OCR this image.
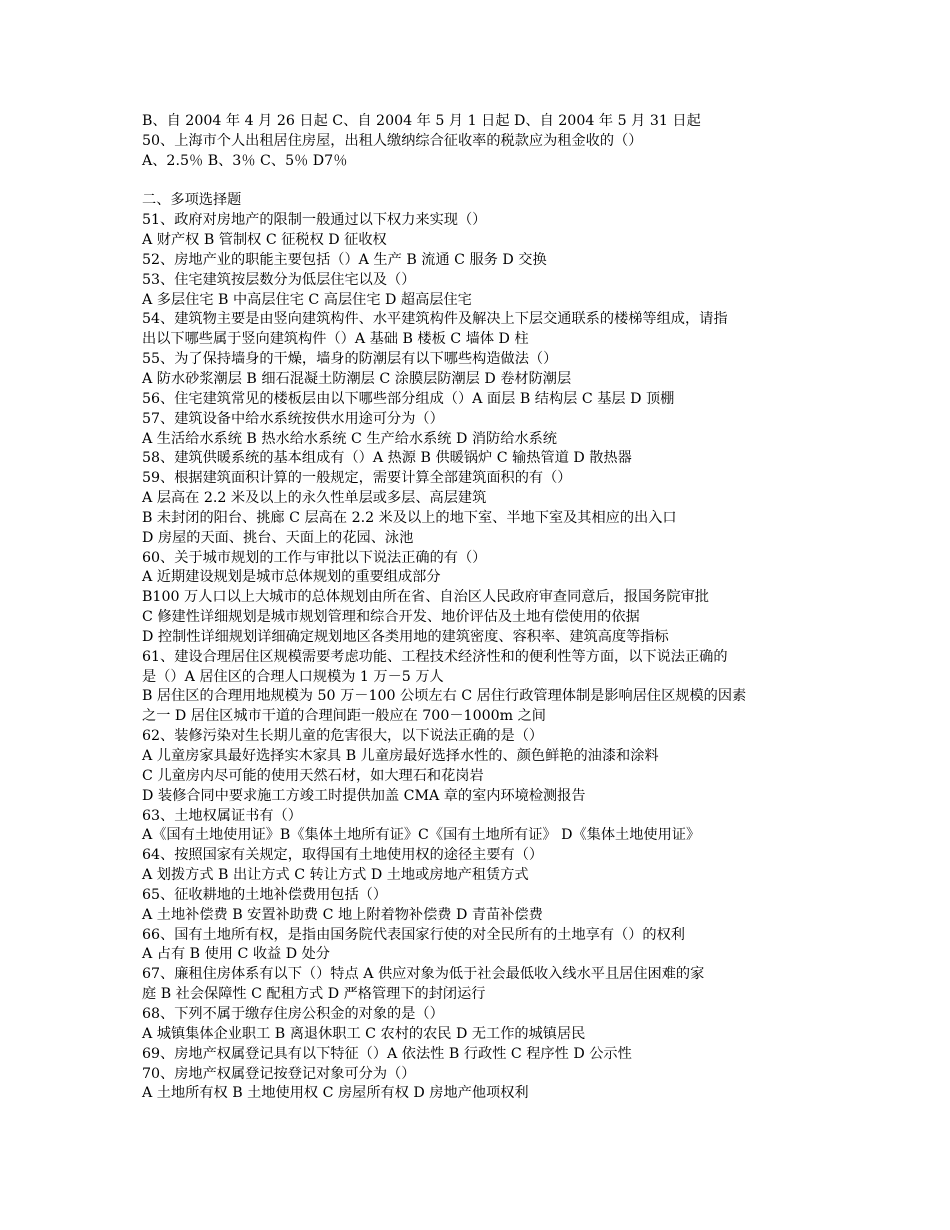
B、自 2004 年 4 月 26 日起 C、自 2004 年 5 月 1 日起 D、自 2004 年 5 月 31 日起
50、上海市个人出租居住房屋，出租人缴纳综合征收率的税款应为租金收的（）
A、2.5％ B、3％ C、5％ D7％
二、多项选择题
51、政府对房地产的限制一般通过以下权力来实现（）
A 财产权 B 管制权 C 征税权 D 征收权
52、房地产业的职能主要包括（）A 生产 B 流通 C 服务 D 交换
53、住宅建筑按层数分为低层住宅以及（）
A 多层住宅 B 中高层住宅 C 高层住宅 D 超高层住宅
54、建筑物主要是由竖向建筑构件、水平建筑构件及解决上下层交通联系的楼梯等组成，请指
出以下哪些属于竖向建筑构件（）A 基础 B 楼板 C 墙体 D 柱
55、为了保持墙身的干燥，墙身的防潮层有以下哪些构造做法（）
A 防水砂浆潮层 B 细石混凝土防潮层 C 涂膜层防潮层 D 卷材防潮层
56、住宅建筑常见的楼板层由以下哪些部分组成（）A 面层 B 结构层 C 基层 D 顶棚
57、建筑设备中给水系统按供水用途可分为（）
A 生活给水系统 B 热水给水系统 C 生产给水系统 D 消防给水系统
58、建筑供暖系统的基本组成有（）A 热源 B 供暖锅炉 C 输热管道 D 散热器
59、根据建筑面积计算的一般规定，需要计算全部建筑面积的有（）
A 层高在 2.2 米及以上的永久性单层或多层、高层建筑
B 未封闭的阳台、挑廊 C 层高在 2.2 米及以上的地下室、半地下室及其相应的出入口
D 房屋的天面、挑台、天面上的花园、泳池
60、关于城市规划的工作与审批以下说法正确的有（）
A 近期建设规划是城市总体规划的重要组成部分
B100 万人口以上大城市的总体规划由所在省、自治区人民政府审查同意后，报国务院审批
C 修建性详细规划是城市规划管理和综合开发、地价评估及土地有偿使用的依据
D 控制性详细规划详细确定规划地区各类用地的建筑密度、容积率、建筑高度等指标
61、建设合理居住区规模需要考虑功能、工程技术经济性和的便利性等方面，以下说法正确的
是（）A 居住区的合理人口规模为 1 万－5 万人
B 居住区的合理用地规模为 50 万－100 公顷左右 C 居住行政管理体制是影响居住区规模的因素
之一 D 居住区城市干道的合理间距一般应在 700－1000m 之间
62、装修污染对生长期儿童的危害很大，以下说法正确的是（）
A 儿童房家具最好选择实木家具 B 儿童房最好选择水性的、颜色鲜艳的油漆和涂料
C 儿童房内尽可能的使用天然石材，如大理石和花岗岩
D 装修合同中要求施工方竣工时提供加盖 CMA 章的室内环境检测报告
63、土地权属证书有（）
A《国有土地使用证》B《集体土地所有证》C《国有土地所有证》 D《集体土地使用证》
64、按照国家有关规定，取得国有土地使用权的途径主要有（）
A 划拨方式 B 出让方式 C 转让方式 D 土地或房地产租赁方式
65、征收耕地的土地补偿费用包括（）
A 土地补偿费 B 安置补助费 C 地上附着物补偿费 D 青苗补偿费
66、国有土地所有权，是指由国务院代表国家行使的对全民所有的土地享有（）的权利
A 占有 B 使用 C 收益 D 处分
67、廉租住房体系有以下（）特点 A 供应对象为低于社会最低收入线水平且居住困难的家
庭 B 社会保障性 C 配租方式 D 严格管理下的封闭运行
68、下列不属于缴存住房公积金的对象的是（）
A 城镇集体企业职工 B 离退休职工 C 农村的农民 D 无工作的城镇居民
69、房地产权属登记具有以下特征（）A 依法性 B 行政性 C 程序性 D 公示性
70、房地产权属登记按登记对象可分为（）
A 土地所有权 B 土地使用权 C 房屋所有权 D 房地产他项权利
